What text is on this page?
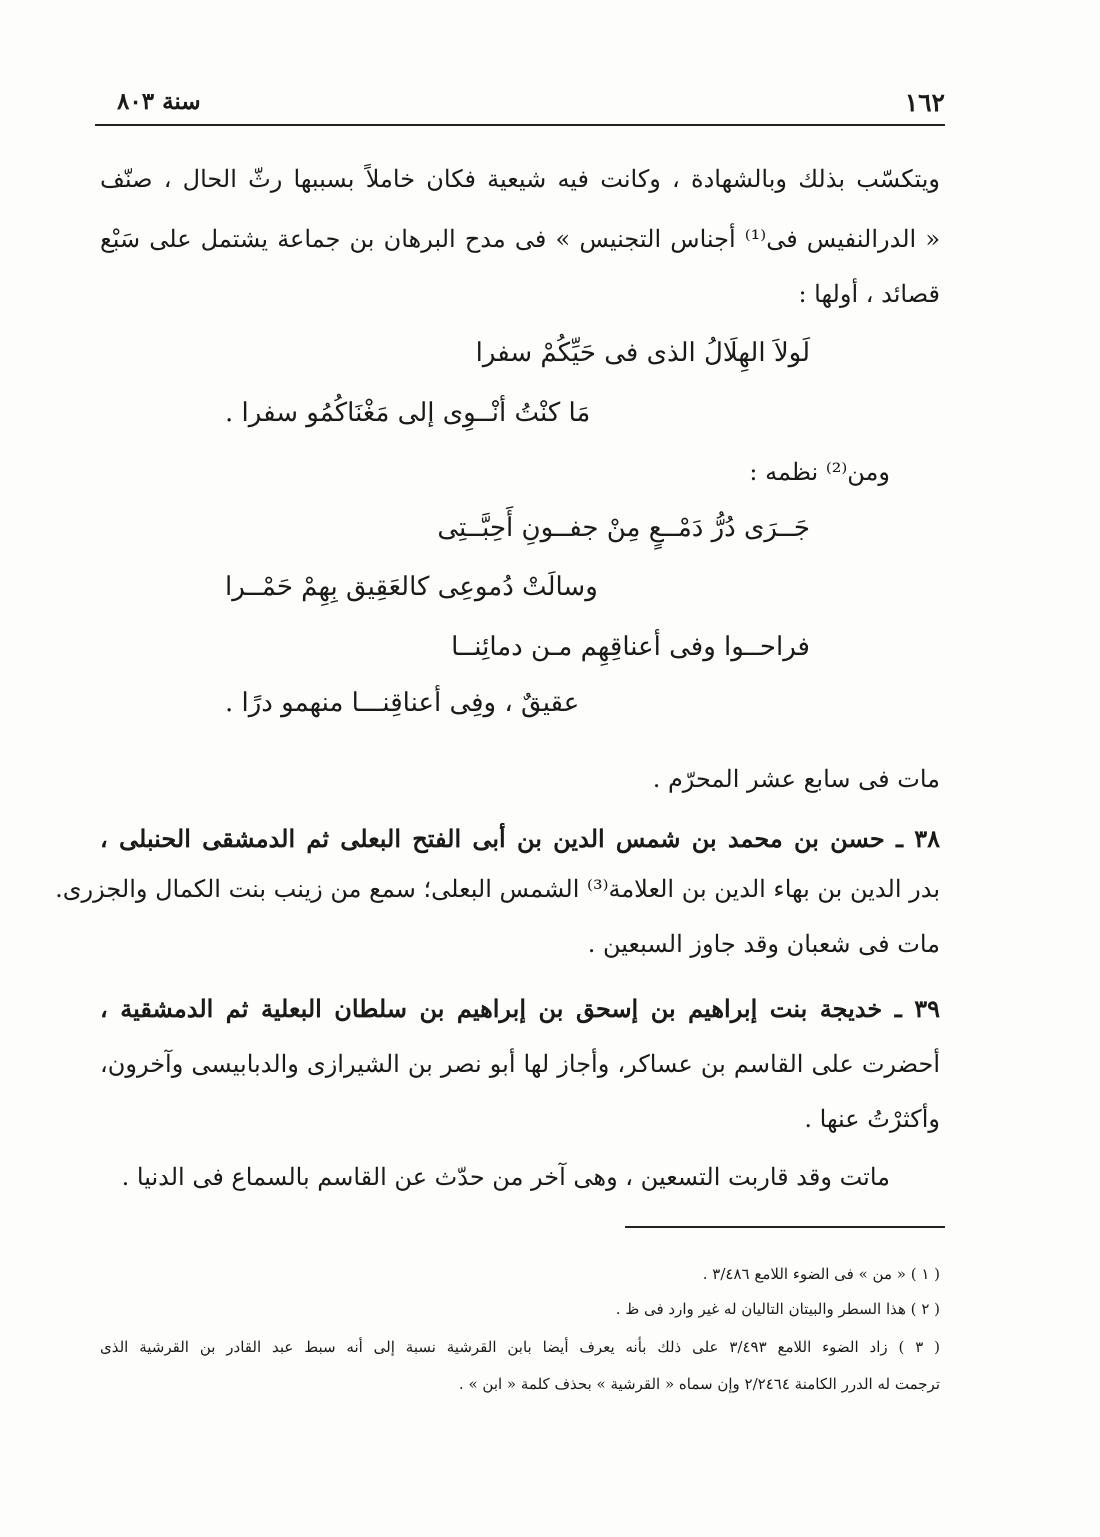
١٦٢
سنة ٨٠٣
ويتكسّب بذلك وبالشهادة ، وكانت فيه شيعية فكان خاملاً بسببها رثّ الحال ، صنّف
« الدرالنفيس فى⁽¹⁾ أجناس التجنيس » فى مدح البرهان بن جماعة يشتمل على سَبْع
قصائد ، أولها :
لَولاَ الهِلَالُ الذى فى حَيِّكُمْ سفرا
مَا كنْتُ أنْــوِى إلى مَغْنَاكُمُو سفرا .
ومن⁽²⁾ نظمه :
جَــرَى دُرُّ دَمْــعٍ مِنْ جفــونِ أَحِبَّــتِى
وسالَتْ دُموعِى كالعَقِيق بِهِمْ حَمْــرا
فراحــوا وفى أعناقِهِم مـن دمائِنــا
عقيقٌ ، وفِى أعناقِنـــا منهمو درًا .
مات فى سابع عشر المحرّم .
٣٨ ـ حسن بن محمد بن شمس الدين بن أبى الفتح البعلى ثم الدمشقى الحنبلى ،
بدر الدين بن بهاء الدين بن العلامة⁽³⁾ الشمس البعلى؛ سمع من زينب بنت الكمال والجزرى.
مات فى شعبان وقد جاوز السبعين .
٣٩ ـ خديجة بنت إبراهيم بن إسحق بن إبراهيم بن سلطان البعلية ثم الدمشقية ،
أحضرت على القاسم بن عساكر، وأجاز لها أبو نصر بن الشيرازى والدبابيسى وآخرون،
وأكثرْتُ عنها .
ماتت وقد قاربت التسعين ، وهى آخر من حدّث عن القاسم بالسماع فى الدنيا .
( ١ ) « من » فى الضوء اللامع ٣/٤٨٦ .
( ٢ ) هذا السطر والبيتان التاليان له غير وارد فى ظ .
( ٣ ) زاد الضوء اللامع ٣/٤٩٣ على ذلك بأنه يعرف أيضا بابن القرشية نسبة إلى أنه سبط عبد القادر بن القرشية الذى
ترجمت له الدرر الكامنة ٢/٢٤٦٤ وإن سماه « القرشية » بحذف كلمة « ابن » .
